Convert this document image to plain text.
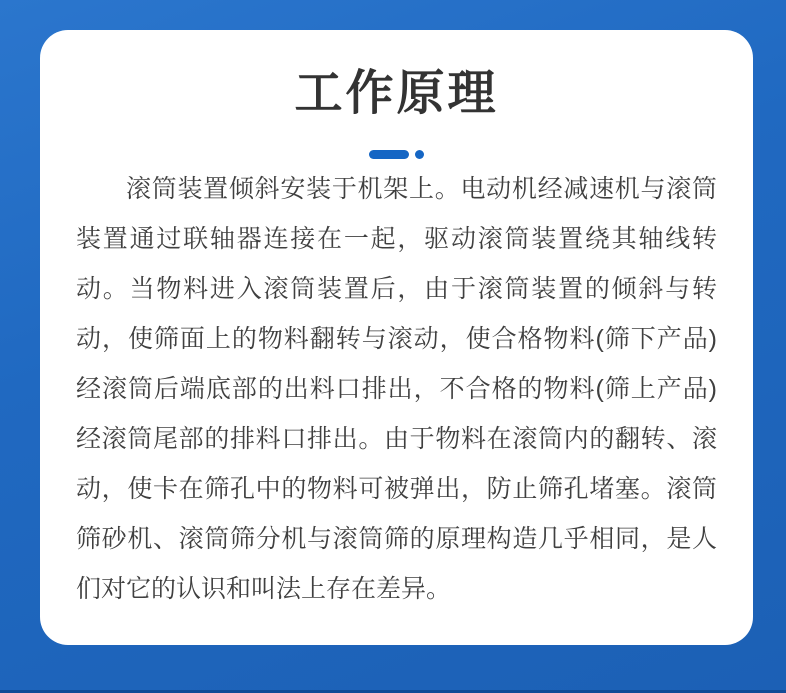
工作原理

滚筒装置倾斜安装于机架上。电动机经减速机与滚筒装置通过联轴器连接在一起，驱动滚筒装置绕其轴线转动。当物料进入滚筒装置后，由于滚筒装置的倾斜与转动，使筛面上的物料翻转与滚动，使合格物料(筛下产品)经滚筒后端底部的出料口排出，不合格的物料(筛上产品)经滚筒尾部的排料口排出。由于物料在滚筒内的翻转、滚动，使卡在筛孔中的物料可被弹出，防止筛孔堵塞。滚筒筛砂机、滚筒筛分机与滚筒筛的原理构造几乎相同，是人们对它的认识和叫法上存在差异。
